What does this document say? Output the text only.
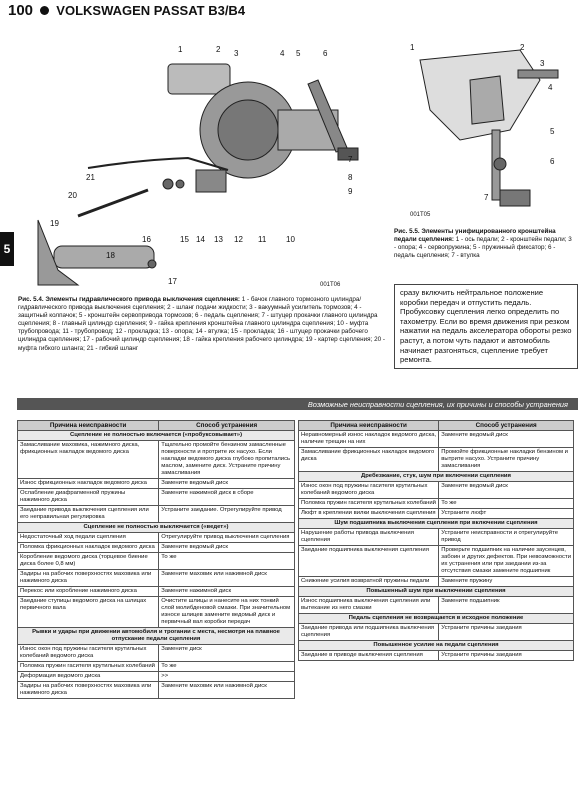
100 VOLKSWAGEN PASSAT B3/B4
5
1	2 3	4 5	6
7
8
9
10
11
12
13
14
15
16
17
18
19
20
21
001T06
Рис. 5.4. Элементы гидравлического привода выключения сцепления: 1 - бачок главного тормозного цилиндра/гидравлического привода выключения сцепления; 2 - шланг подачи жидкости; 3 - вакуумный усилитель тормозов; 4 - защитный колпачок; 5 - кронштейн сервопривода тормозов; 6 - педаль сцепления; 7 - штуцер прокачки главного цилиндра сцепления; 8 - главный цилиндр сцепления; 9 - гайка крепления кронштейна главного цилиндра сцепления; 10 - муфта трубопровода; 11 - трубопровод; 12 - прокладка; 13 - опора; 14 - втулка; 15 - прокладка; 16 - штуцер прокачки рабочего цилиндра сцепления; 17 - рабочий цилиндр сцепления; 18 - гайка крепления рабочего цилиндра; 19 - картер сцепления; 20 - муфта гибкого шланга; 21 - гибкий шланг
1	2
3
4
5
6
7
001T05
Рис. 5.5. Элементы унифицированного кронштейна педали сцепления: 1 - ось педали; 2 - кронштейн педали; 3 - опора; 4 - сервопружина; 5 - пружинный фиксатор; 6 - педаль сцепления; 7 - втулка
сразу включить нейтральное положение коробки передач и отпустить педаль. Пробуксовку сцепления легко определить по тахометру. Если во время движения при резком нажатии на педаль акселератора обороты резко растут, а потом чуть падают и автомобиль начинает разгоняться, сцепление требует ремонта.
Возможные неисправности сцепления, их причины и способы устранения
Причина неисправности	Способ устранения
Сцепление не полностью включается («пробуксовывает»)	
Замасливание маховика, нажимного диска, фрикционных накладок ведомого диска	Тщательно промойте бензином замасленные поверхности и протрите их насухо. Если накладки ведомого диска глубоко пропитались маслом, замените диск. Устраните причину замасливания
Износ фрикционных накладок ведомого диска	Замените ведомый диск
Ослабление диафрагменной пружины нажимного диска	Замените нажимной диск в сборе
Заедание привода выключения сцепления или его неправильная регулировка	Устраните заедание. Отрегулируйте привод
Сцепление не полностью выключается («ведет»)	
Недостаточный ход педали сцепления	Отрегулируйте привод выключения сцепления
Поломка фрикционных накладок ведомого диска	Замените ведомый диск
Коробление ведомого диска (торцевое биение диска более 0,8 мм)	То же
Задиры на рабочих поверхностях маховика или нажимного диска	Замените маховик или нажимной диск
Перекос или коробление нажимного диска	Замените нажимной диск
Заедание ступицы ведомого диска на шлицах первичного вала	Очистите шлицы и нанесите на них тонкий слой молибденовой смазки. При значительном износе шлицев замените ведомый диск и первичный вал коробки передач
Рывки и удары при движении автомобиля и трогании с места, несмотря на плавное отпускание педали сцепления	
Износ окон под пружины гасителя крутильных колебаний ведомого диска	Замените диск
Поломка пружин гасителя крутильных колебаний	То же
Деформация ведомого диска	>>
Задиры на рабочих поверхностях маховика или нажимного диска	Замените маховик или нажимной диск
Причина неисправности	Способ устранения
Неравномерный износ накладок ведомого диска, наличие трещин на них	Замените ведомый диск
Замасливание фрикционных накладок ведомого диска	Промойте фрикционные накладки бензином и вытрите насухо. Устраните причину замасливания
Дребезжание, стук, шум при включении сцепления	
Износ окон под пружины гасителя крутильных колебаний ведомого диска	Замените ведомый диск
Поломка пружин гасителя крутильных колебаний	То же
Люфт в креплении вилки выключения сцепления	Устраните люфт
Шум подшипника выключения сцепления при включении сцепления	
Нарушение работы привода выключения сцепления	Устраните неисправности и отрегулируйте привод
Заедание подшипника выключения сцепления	Проверьте подшипник на наличие заусенцев, забоин и других дефектов. При невозможности их устранения или при заедании из-за отсутствия смазки замените подшипник
Снижение усилия возвратной пружины педали	Замените пружину
Повышенный шум при выключении сцепления	
Износ подшипника выключения сцепления или вытекание из него смазки	Замените подшипник
Педаль сцепления не возвращается в исходное положение	
Заедание привода или подшипника выключения сцепления	Устраните причины заедания
Повышенное усилие на педали сцепления	
Заедание в приводе выключения сцепления	Устраните причины заедания
